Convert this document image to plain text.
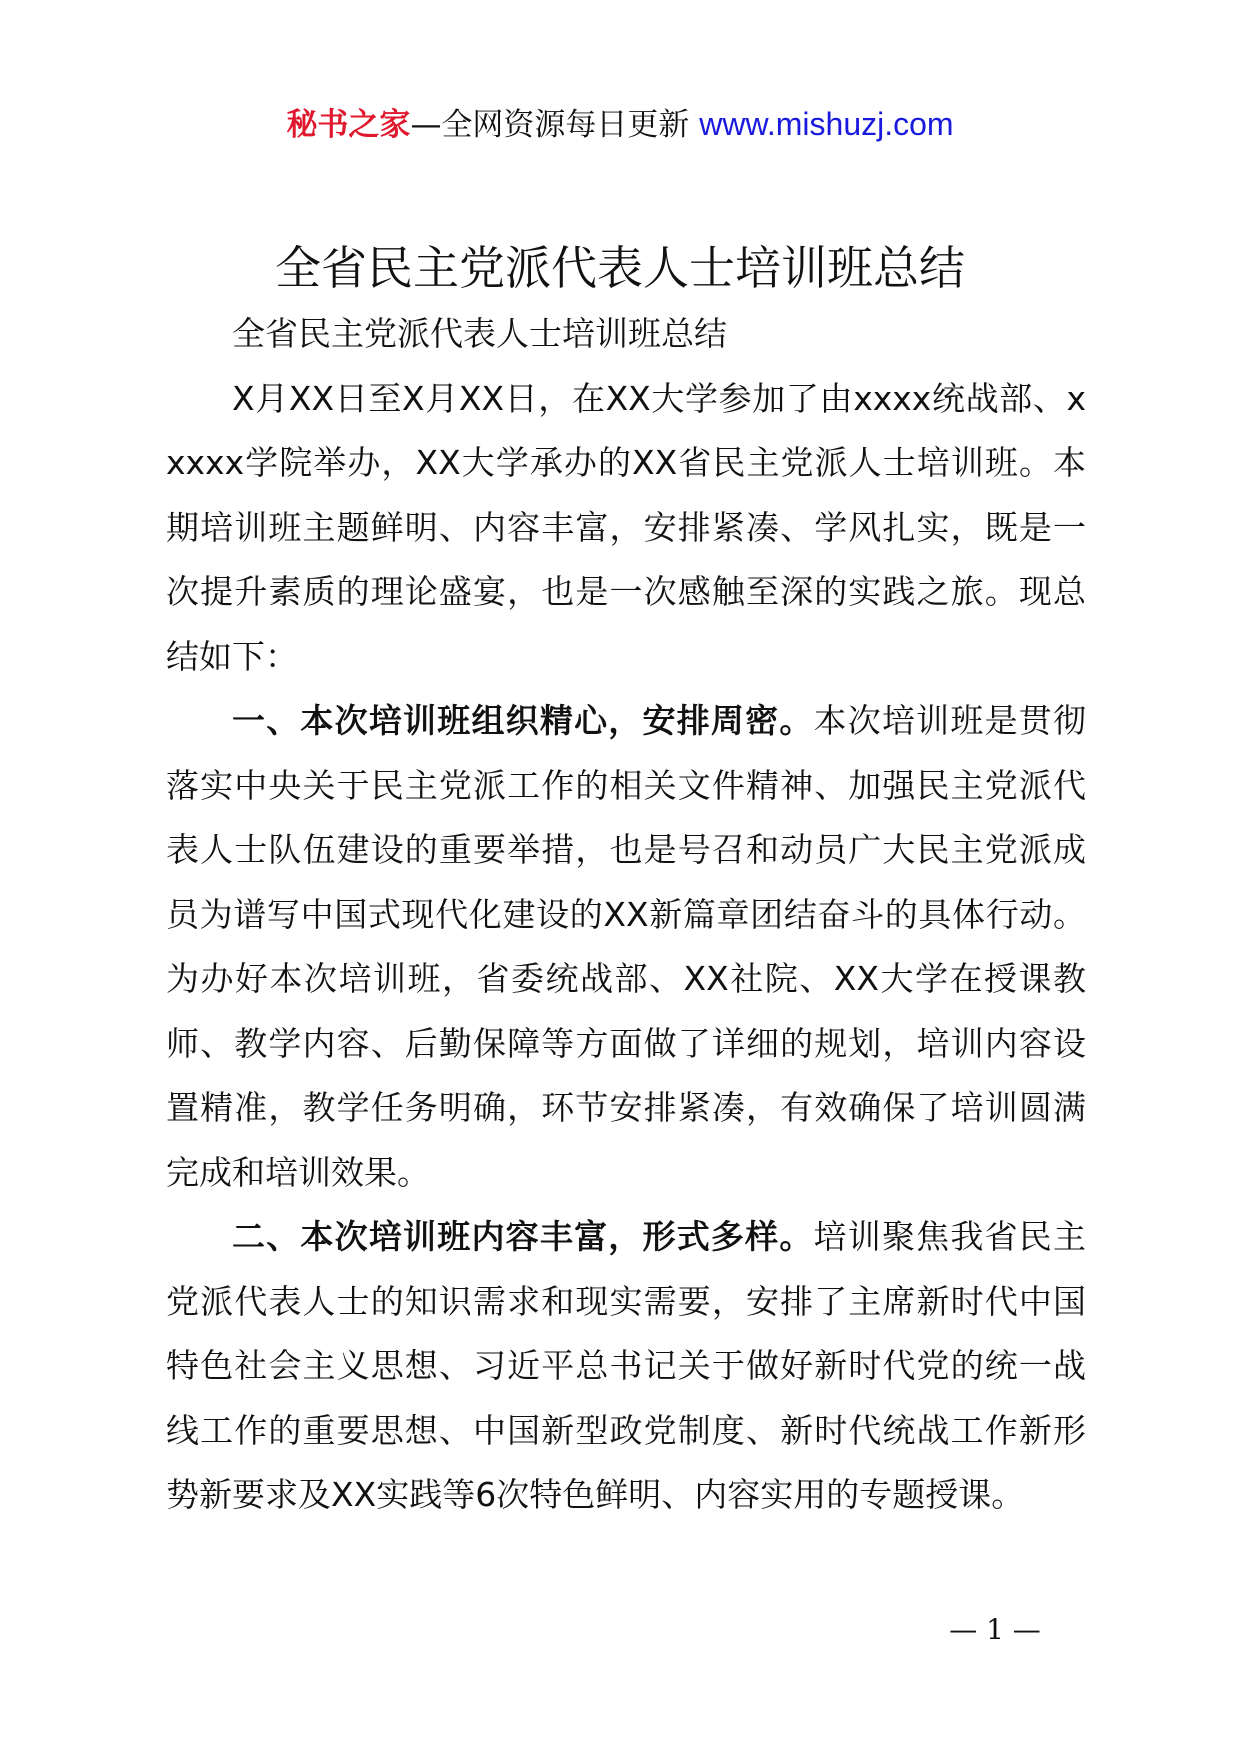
秘书之家—全网资源每日更新 www.mishuzj.com
全省民主党派代表人士培训班总结

全省民主党派代表人士培训班总结

X月XX日至X月XX日，在XX大学参加了由xxxx统战部、xxxxx学院举办，XX大学承办的XX省民主党派人士培训班。本期培训班主题鲜明、内容丰富，安排紧凑、学风扎实，既是一次提升素质的理论盛宴，也是一次感触至深的实践之旅。现总结如下：

一、本次培训班组织精心，安排周密。本次培训班是贯彻落实中央关于民主党派工作的相关文件精神、加强民主党派代表人士队伍建设的重要举措，也是号召和动员广大民主党派成员为谱写中国式现代化建设的XX新篇章团结奋斗的具体行动。为办好本次培训班，省委统战部、XX社院、XX大学在授课教师、教学内容、后勤保障等方面做了详细的规划，培训内容设置精准，教学任务明确，环节安排紧凑，有效确保了培训圆满完成和培训效果。

二、本次培训班内容丰富，形式多样。培训聚焦我省民主党派代表人士的知识需求和现实需要，安排了主席新时代中国特色社会主义思想、习近平总书记关于做好新时代党的统一战线工作的重要思想、中国新型政党制度、新时代统战工作新形势新要求及XX实践等6次特色鲜明、内容实用的专题授课。

— 1 —
